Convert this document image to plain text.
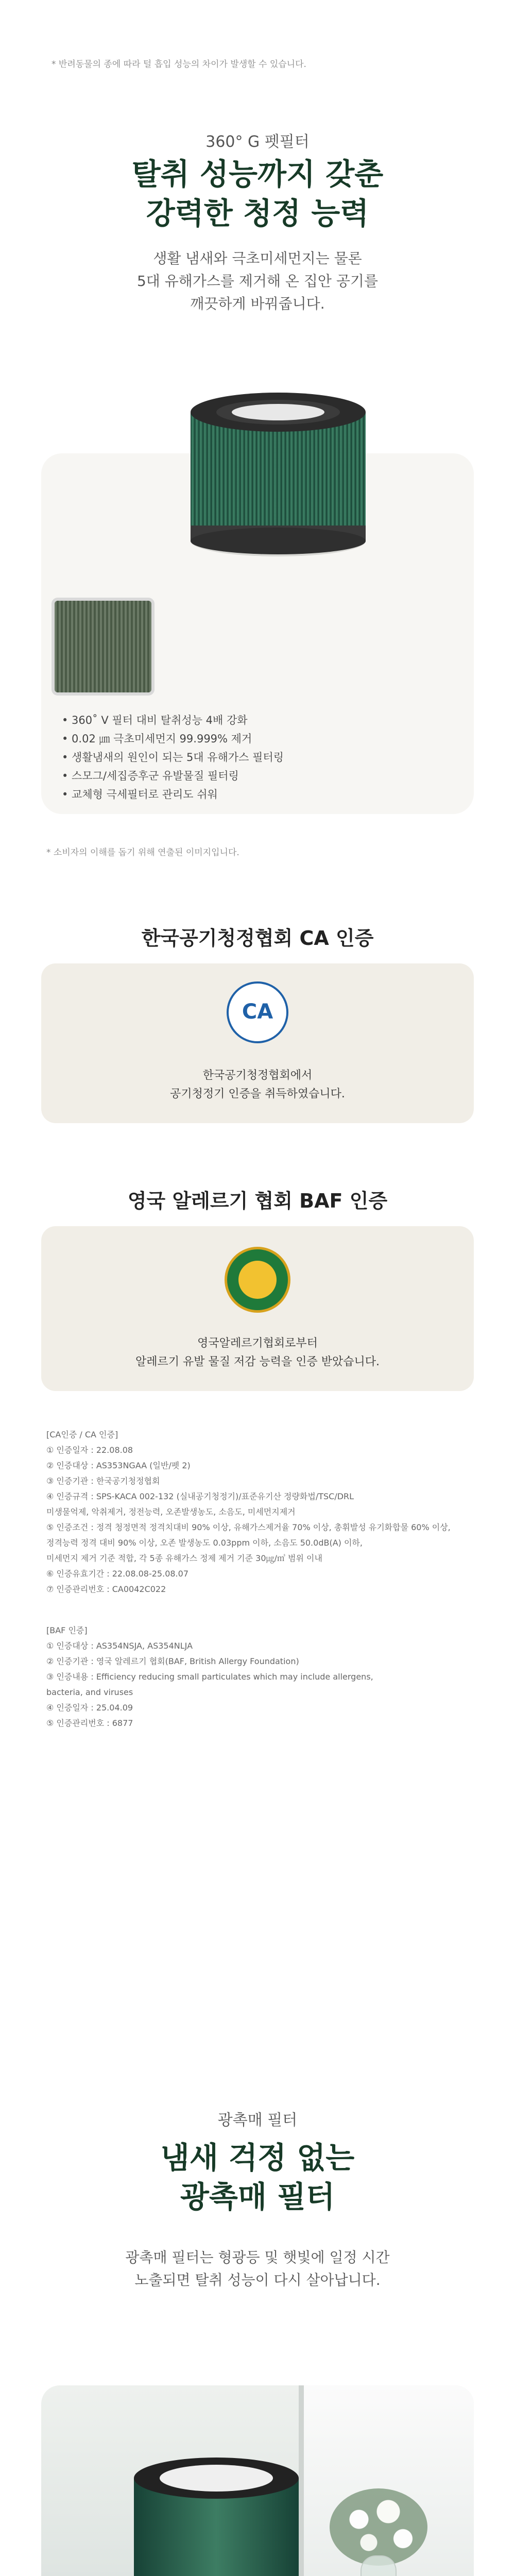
* 반려동물의 종에 따라 털 흡입 성능의 차이가 발생할 수 있습니다.
360° G 펫필터
탈취 성능까지 갖춘
강력한 청정 능력
생활 냄새와 극초미세먼지는 물론
5대 유해가스를 제거해 온 집안 공기를
깨끗하게 바꿔줍니다.
• 360˚ V 필터 대비 탈취성능 4배 강화
• 0.02 ㎛ 극초미세먼지 99.999% 제거
• 생활냄새의 원인이 되는 5대 유해가스 필터링
• 스모그/세집증후군 유발물질 필터링
• 교체형 극세필터로 관리도 쉬워
* 소비자의 이해를 돕기 위해 연출된 이미지입니다.
한국공기청정협회 CA 인증
CA
한국공기청정협회에서
공기청정기 인증을 취득하였습니다.
영국 알레르기 협회 BAF 인증
영국알레르기협회로부터
알레르기 유발 물질 저감 능력을 인증 받았습니다.
[CA인증 / CA 인증]
① 인증일자 : 22.08.08
② 인증대상 : AS353NGAA (일반/펫 2)
③ 인증기관 : 한국공기청정협회
④ 인증규격 : SPS-KACA 002-132 (실내공기청정기)/표준유기산 정량화법/TSC/DRL
미생물억제, 악취제거, 정전능력, 오존발생농도, 소음도, 미세먼지제거
⑤ 인증조건 : 정격 청정면적 정격치대비 90% 이상, 유해가스제거율 70% 이상, 총휘발성 유기화합물 60% 이상,
정격능력 정격 대비 90% 이상, 오존 발생농도 0.03ppm 이하, 소음도 50.0dB(A) 이하,
미세먼지 제거 기준 적합, 각 5종 유해가스 정제 제거 기준 30㎍/㎥ 범위 이내
⑥ 인증유효기간 : 22.08.08-25.08.07
⑦ 인증관리번호 : CA0042C022
[BAF 인증]
① 인증대상 : AS354NSJA, AS354NLJA
② 인증기관 : 영국 알레르기 협회(BAF, British Allergy Foundation)
③ 인증내용 : Efficiency reducing small particulates which may include allergens,
bacteria, and viruses
④ 인증일자 : 25.04.09
⑤ 인증관리번호 : 6877
광촉매 필터
냄새 걱정 없는
광촉매 필터
광촉매 필터는 형광등 및 햇빛에 일정 시간
노출되면 탈취 성능이 다시 살아납니다.
